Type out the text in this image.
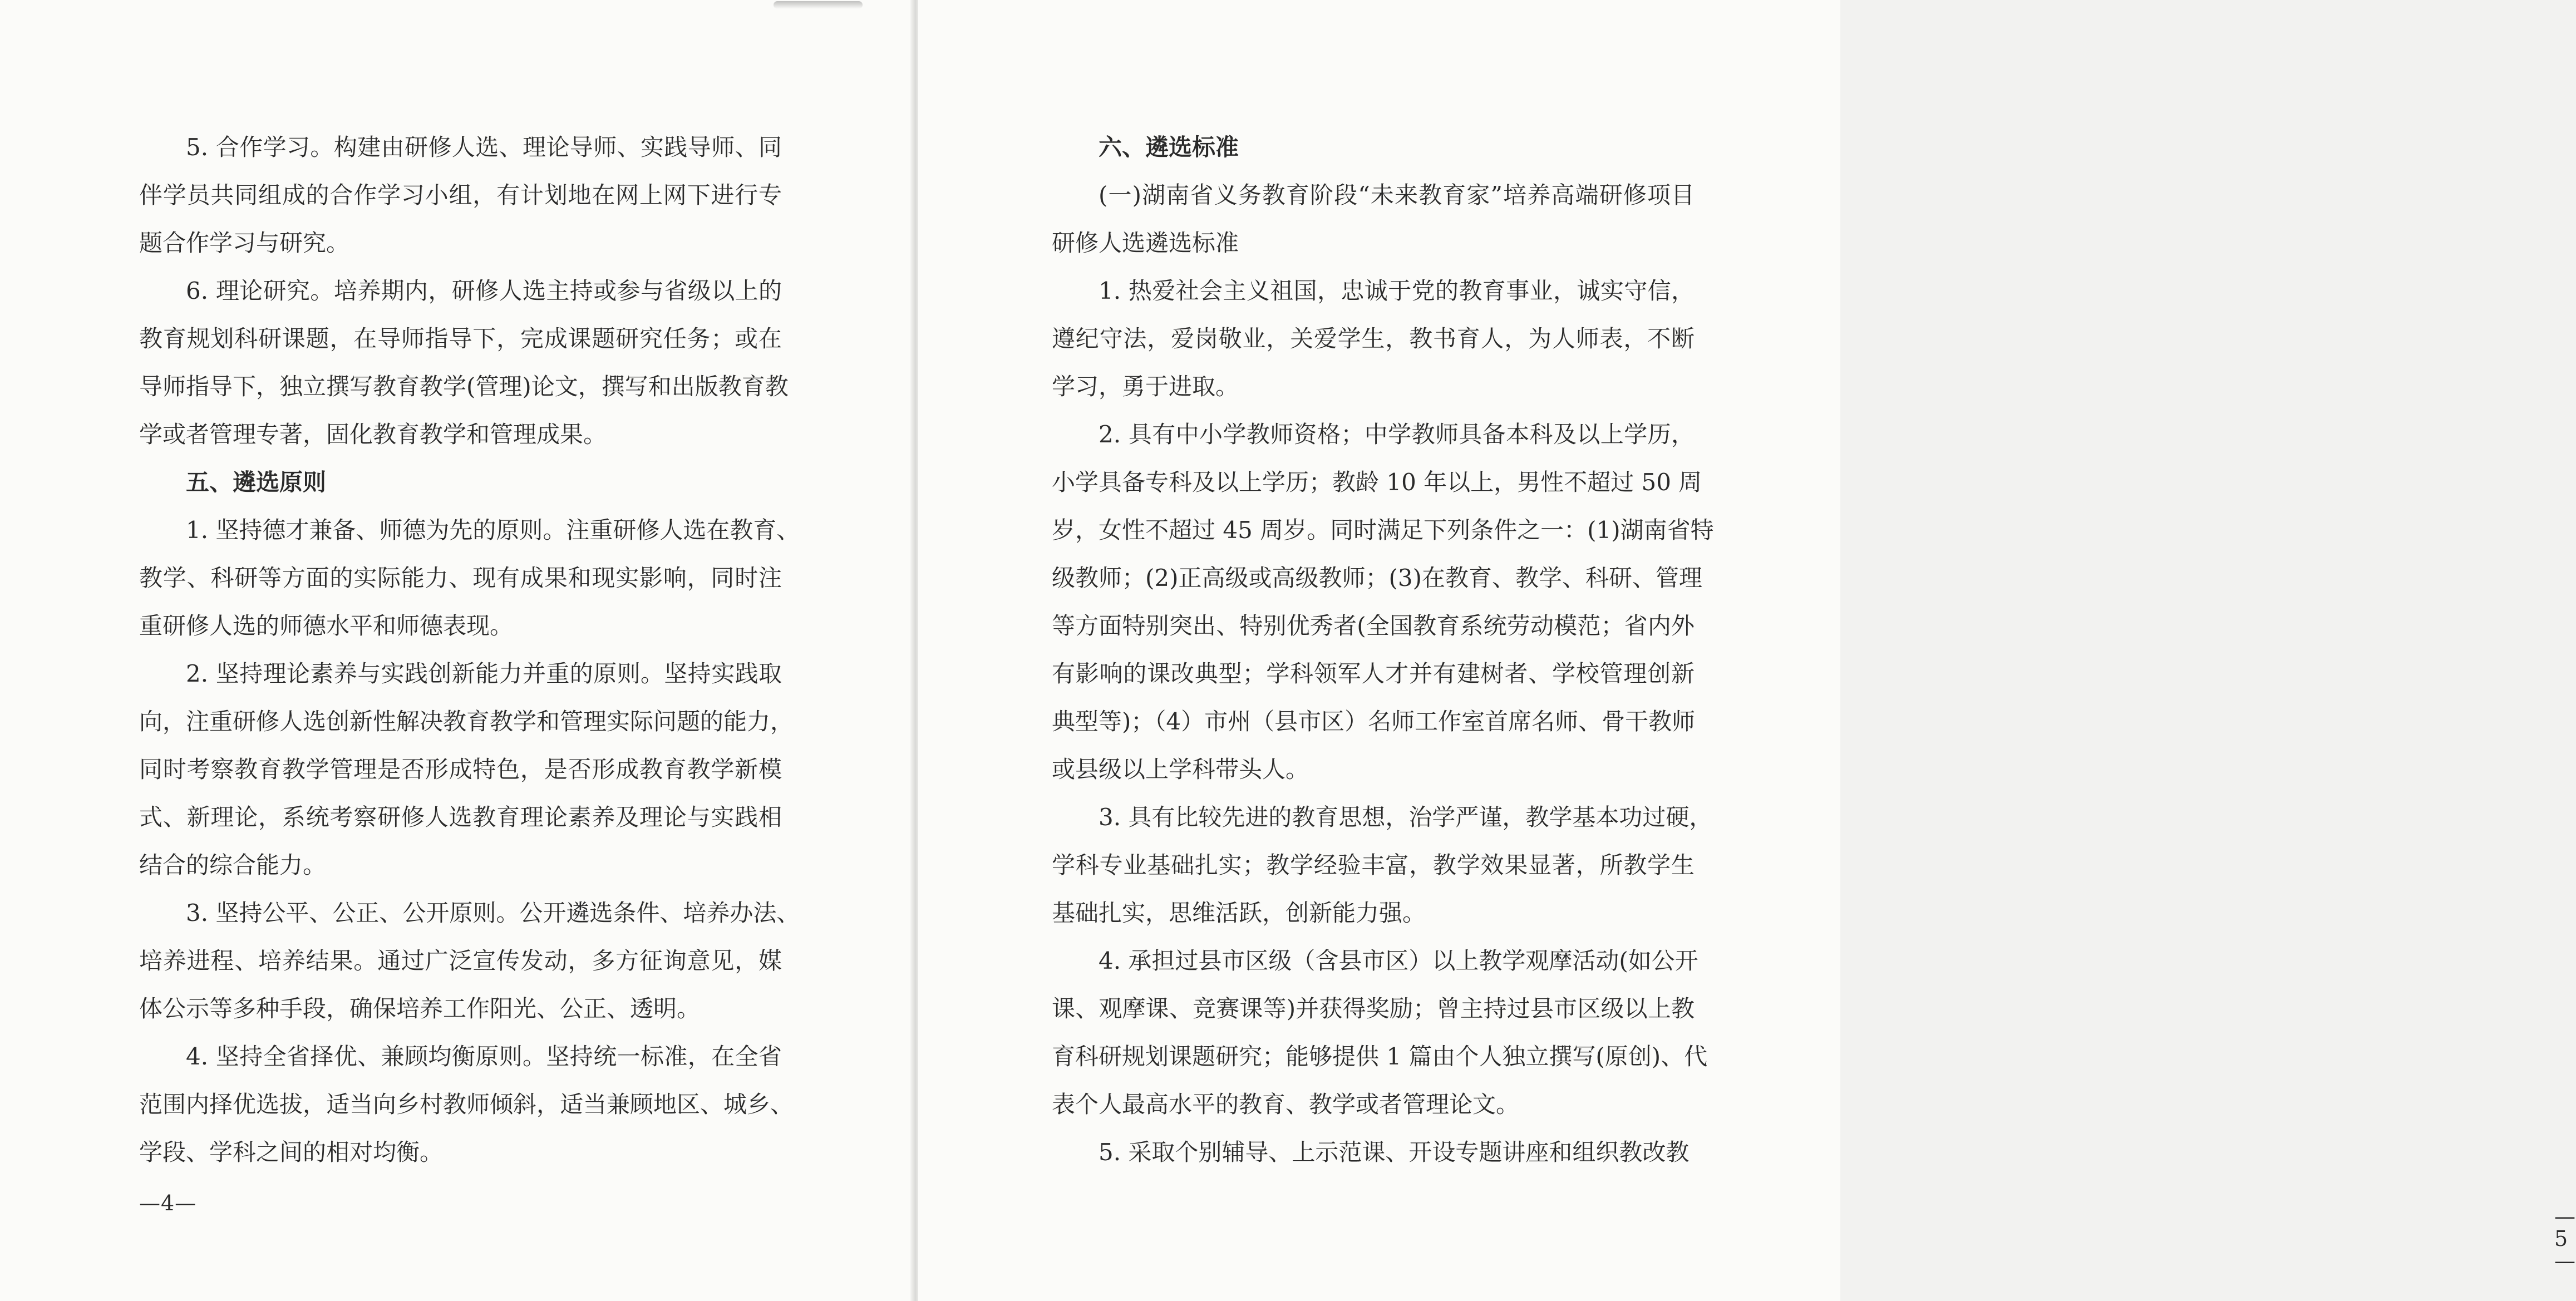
5. 合作学习。构建由研修人选、理论导师、实践导师、同
伴学员共同组成的合作学习小组，有计划地在网上网下进行专
题合作学习与研究。
6. 理论研究。培养期内，研修人选主持或参与省级以上的
教育规划科研课题，在导师指导下，完成课题研究任务；或在
导师指导下，独立撰写教育教学(管理)论文，撰写和出版教育教
学或者管理专著，固化教育教学和管理成果。
五、遴选原则
1. 坚持德才兼备、师德为先的原则。注重研修人选在教育、
教学、科研等方面的实际能力、现有成果和现实影响，同时注
重研修人选的师德水平和师德表现。
2. 坚持理论素养与实践创新能力并重的原则。坚持实践取
向，注重研修人选创新性解决教育教学和管理实际问题的能力，
同时考察教育教学管理是否形成特色，是否形成教育教学新模
式、新理论，系统考察研修人选教育理论素养及理论与实践相
结合的综合能力。
3. 坚持公平、公正、公开原则。公开遴选条件、培养办法、
培养进程、培养结果。通过广泛宣传发动，多方征询意见，媒
体公示等多种手段，确保培养工作阳光、公正、透明。
4. 坚持全省择优、兼顾均衡原则。坚持统一标准，在全省
范围内择优选拔，适当向乡村教师倾斜，适当兼顾地区、城乡、
学段、学科之间的相对均衡。
—4—
六、遴选标准
(一)湖南省义务教育阶段“未来教育家”培养高端研修项目
研修人选遴选标准
1. 热爱社会主义祖国，忠诚于党的教育事业，诚实守信，
遵纪守法，爱岗敬业，关爱学生，教书育人，为人师表，不断
学习，勇于进取。
2. 具有中小学教师资格；中学教师具备本科及以上学历，
小学具备专科及以上学历；教龄 10 年以上，男性不超过 50 周
岁，女性不超过 45 周岁。同时满足下列条件之一：(1)湖南省特
级教师；(2)正高级或高级教师；(3)在教育、教学、科研、管理
等方面特别突出、特别优秀者(全国教育系统劳动模范；省内外
有影响的课改典型；学科领军人才并有建树者、学校管理创新
典型等)；（4）市州（县市区）名师工作室首席名师、骨干教师
或县级以上学科带头人。
3. 具有比较先进的教育思想，治学严谨，教学基本功过硬，
学科专业基础扎实；教学经验丰富，教学效果显著，所教学生
基础扎实，思维活跃，创新能力强。
4. 承担过县市区级（含县市区）以上教学观摩活动(如公开
课、观摩课、竞赛课等)并获得奖励；曾主持过县市区级以上教
育科研规划课题研究；能够提供 1 篇由个人独立撰写(原创)、代
表个人最高水平的教育、教学或者管理论文。
5. 采取个别辅导、上示范课、开设专题讲座和组织教改教
—5—
